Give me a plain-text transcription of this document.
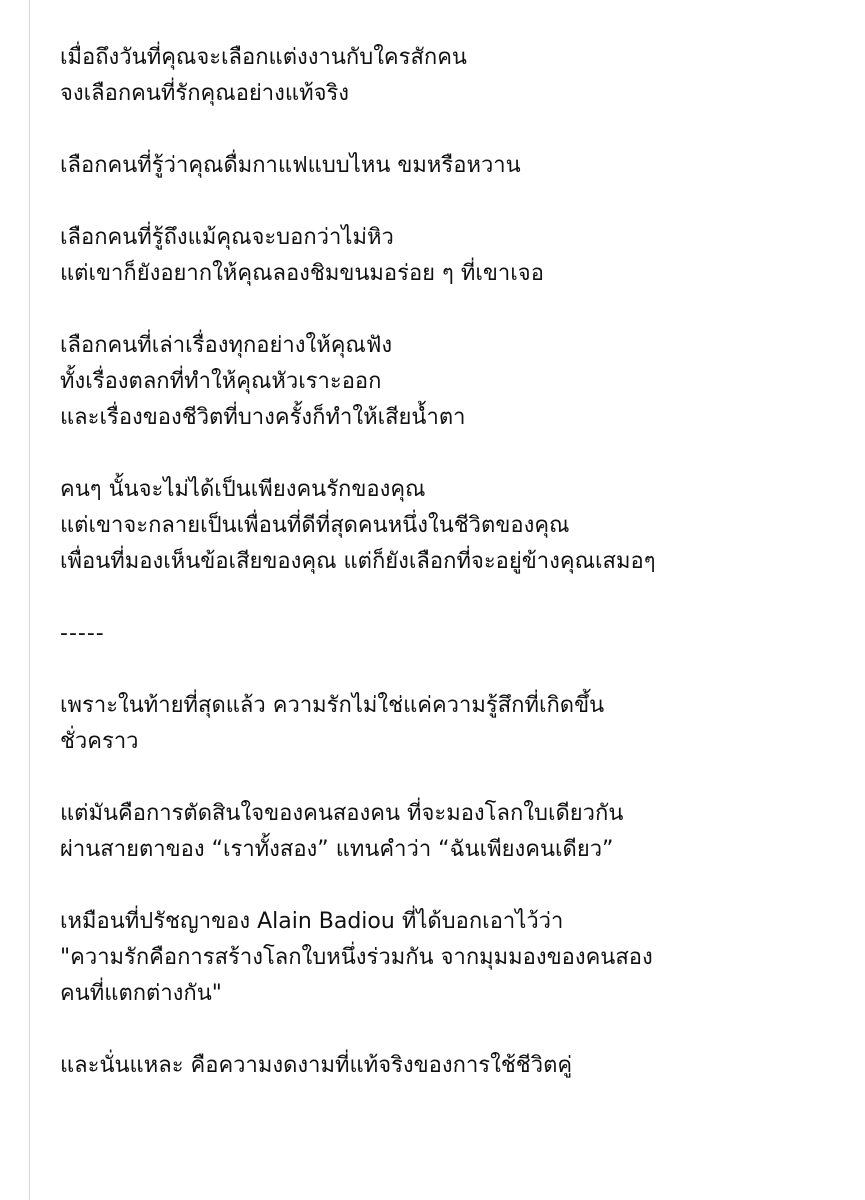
เมื่อถึงวันที่คุณจะเลือกแต่งงานกับใครสักคน
จงเลือกคนที่รักคุณอย่างแท้จริง

เลือกคนที่รู้ว่าคุณดื่มกาแฟแบบไหน ขมหรือหวาน

เลือกคนที่รู้ถึงแม้คุณจะบอกว่าไม่หิว
แต่เขาก็ยังอยากให้คุณลองชิมขนมอร่อย ๆ ที่เขาเจอ

เลือกคนที่เล่าเรื่องทุกอย่างให้คุณฟัง
ทั้งเรื่องตลกที่ทำให้คุณหัวเราะออก
และเรื่องของชีวิตที่บางครั้งก็ทำให้เสียน้ำตา

คนๆ นั้นจะไม่ได้เป็นเพียงคนรักของคุณ
แต่เขาจะกลายเป็นเพื่อนที่ดีที่สุดคนหนึ่งในชีวิตของคุณ
เพื่อนที่มองเห็นข้อเสียของคุณ แต่ก็ยังเลือกที่จะอยู่ข้างคุณเสมอๆ

-----

เพราะในท้ายที่สุดแล้ว ความรักไม่ใช่แค่ความรู้สึกที่เกิดขึ้น
ชั่วคราว

แต่มันคือการตัดสินใจของคนสองคน ที่จะมองโลกใบเดียวกัน
ผ่านสายตาของ “เราทั้งสอง” แทนคำว่า “ฉันเพียงคนเดียว”

เหมือนที่ปรัชญาของ Alain Badiou ที่ได้บอกเอาไว้ว่า
"ความรักคือการสร้างโลกใบหนึ่งร่วมกัน จากมุมมองของคนสอง
คนที่แตกต่างกัน"

และนั่นแหละ คือความงดงามที่แท้จริงของการใช้ชีวิตคู่
